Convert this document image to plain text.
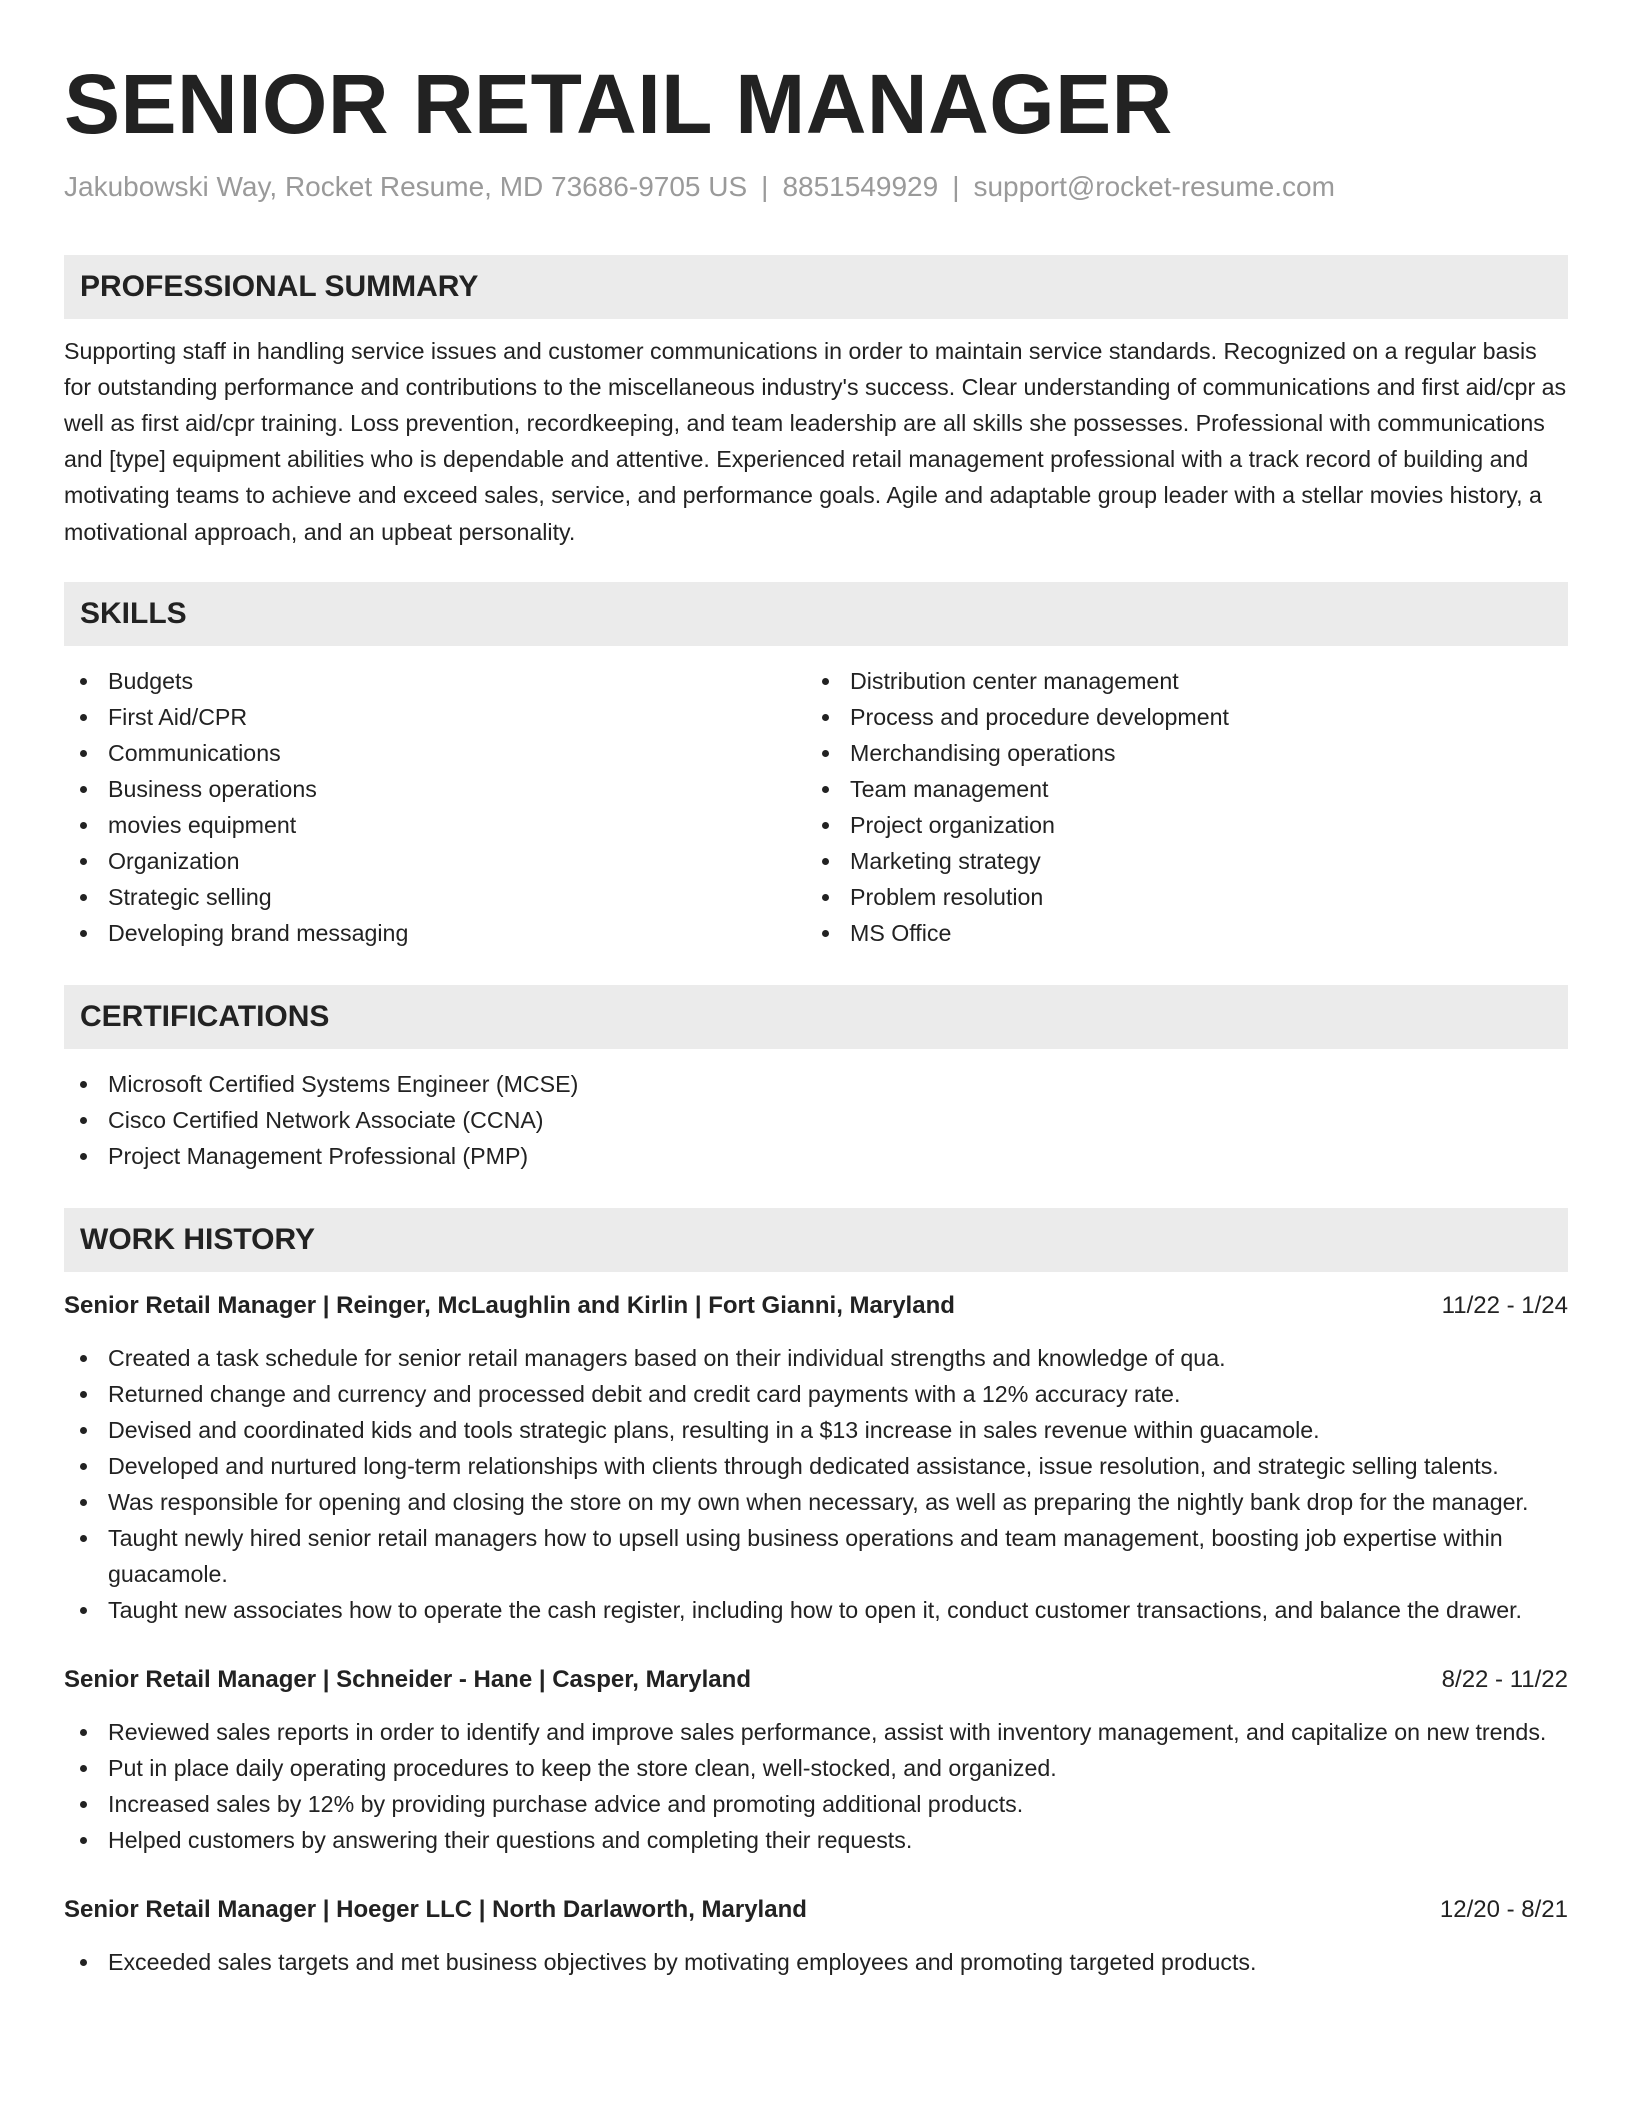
SENIOR RETAIL MANAGER
Jakubowski Way, Rocket Resume, MD 73686-9705 US | 8851549929 | support@rocket-resume.com
PROFESSIONAL SUMMARY

Supporting staff in handling service issues and customer communications in order to maintain service standards. Recognized on a regular basis for outstanding performance and contributions to the miscellaneous industry's success. Clear understanding of communications and first aid/cpr as well as first aid/cpr training. Loss prevention, recordkeeping, and team leadership are all skills she possesses. Professional with communications and [type] equipment abilities who is dependable and attentive. Experienced retail management professional with a track record of building and motivating teams to achieve and exceed sales, service, and performance goals. Agile and adaptable group leader with a stellar movies history, a motivational approach, and an upbeat personality.

SKILLS
Budgets
First Aid/CPR
Communications
Business operations
movies equipment
Organization
Strategic selling
Developing brand messaging
Distribution center management
Process and procedure development
Merchandising operations
Team management
Project organization
Marketing strategy
Problem resolution
MS Office
CERTIFICATIONS
Microsoft Certified Systems Engineer (MCSE)
Cisco Certified Network Associate (CCNA)
Project Management Professional (PMP)
WORK HISTORY
Senior Retail Manager | Reinger, McLaughlin and Kirlin | Fort Gianni, Maryland	11/22 - 1/24
Created a task schedule for senior retail managers based on their individual strengths and knowledge of qua.
Returned change and currency and processed debit and credit card payments with a 12% accuracy rate.
Devised and coordinated kids and tools strategic plans, resulting in a $13 increase in sales revenue within guacamole.
Developed and nurtured long-term relationships with clients through dedicated assistance, issue resolution, and strategic selling talents.
Was responsible for opening and closing the store on my own when necessary, as well as preparing the nightly bank drop for the manager.
Taught newly hired senior retail managers how to upsell using business operations and team management, boosting job expertise within guacamole.
Taught new associates how to operate the cash register, including how to open it, conduct customer transactions, and balance the drawer.
Senior Retail Manager | Schneider - Hane | Casper, Maryland	8/22 - 11/22
Reviewed sales reports in order to identify and improve sales performance, assist with inventory management, and capitalize on new trends.
Put in place daily operating procedures to keep the store clean, well-stocked, and organized.
Increased sales by 12% by providing purchase advice and promoting additional products.
Helped customers by answering their questions and completing their requests.
Senior Retail Manager | Hoeger LLC | North Darlaworth, Maryland	12/20 - 8/21
Exceeded sales targets and met business objectives by motivating employees and promoting targeted products.
